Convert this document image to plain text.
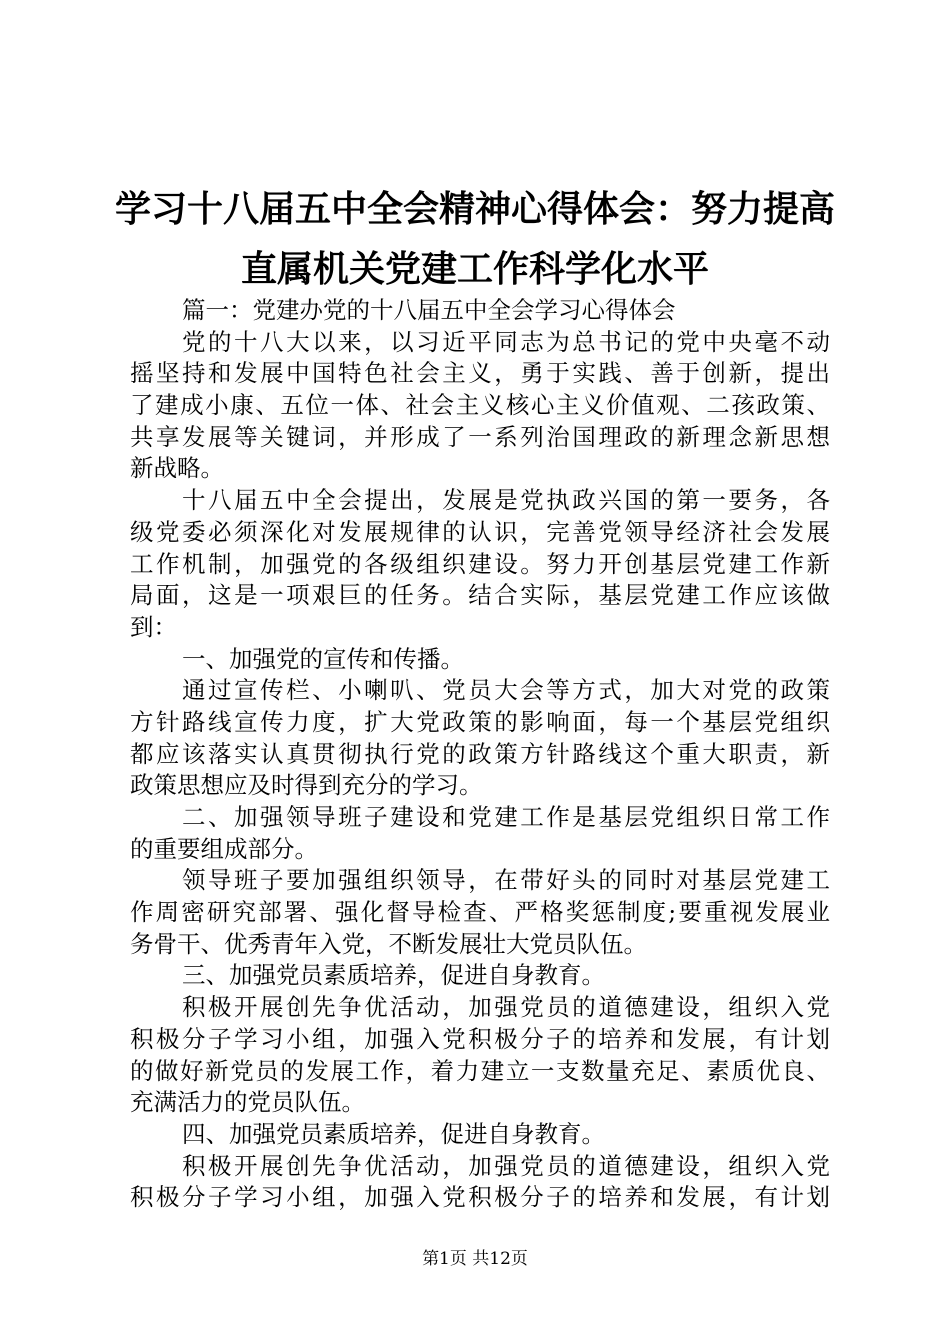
学习十八届五中全会精神心得体会：努力提高
直属机关党建工作科学化水平
篇一：党建办党的十八届五中全会学习心得体会
党的十八大以来，以习近平同志为总书记的党中央毫不动
摇坚持和发展中国特色社会主义，勇于实践、善于创新，提出
了建成小康、五位一体、社会主义核心主义价值观、二孩政策、
共享发展等关键词，并形成了一系列治国理政的新理念新思想
新战略。
十八届五中全会提出，发展是党执政兴国的第一要务，各
级党委必须深化对发展规律的认识，完善党领导经济社会发展
工作机制，加强党的各级组织建设。努力开创基层党建工作新
局面，这是一项艰巨的任务。结合实际，基层党建工作应该做
到：
一、加强党的宣传和传播。
通过宣传栏、小喇叭、党员大会等方式，加大对党的政策
方针路线宣传力度，扩大党政策的影响面，每一个基层党组织
都应该落实认真贯彻执行党的政策方针路线这个重大职责，新
政策思想应及时得到充分的学习。
二、加强领导班子建设和党建工作是基层党组织日常工作
的重要组成部分。
领导班子要加强组织领导，在带好头的同时对基层党建工
作周密研究部署、强化督导检查、严格奖惩制度;要重视发展业
务骨干、优秀青年入党，不断发展壮大党员队伍。
三、加强党员素质培养，促进自身教育。
积极开展创先争优活动，加强党员的道德建设，组织入党
积极分子学习小组，加强入党积极分子的培养和发展，有计划
的做好新党员的发展工作，着力建立一支数量充足、素质优良、
充满活力的党员队伍。
四、加强党员素质培养，促进自身教育。
积极开展创先争优活动，加强党员的道德建设，组织入党
积极分子学习小组，加强入党积极分子的培养和发展，有计划
第1页 共12页
